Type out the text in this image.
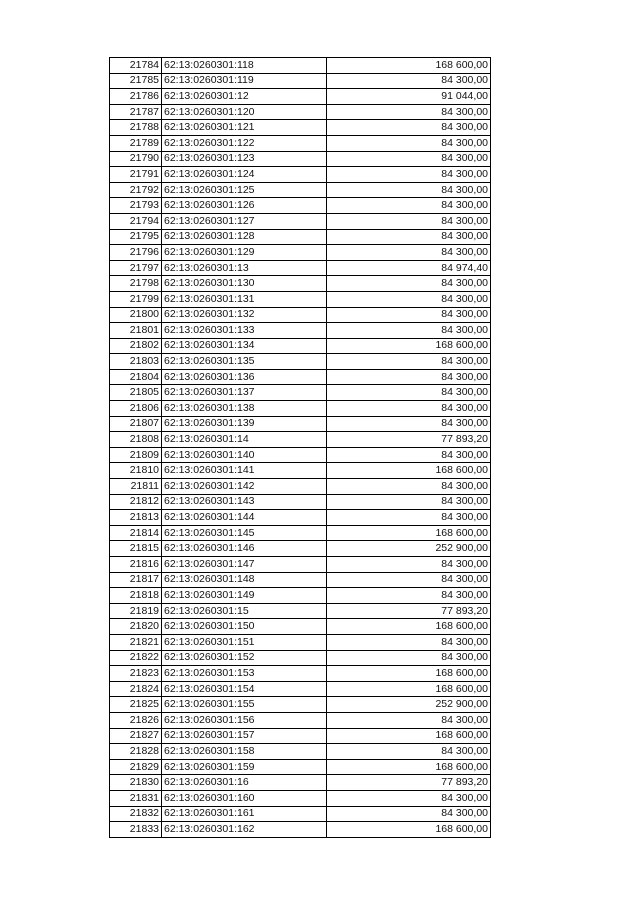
21784	62:13:0260301:118	168 600,00
21785	62:13:0260301:119	84 300,00
21786	62:13:0260301:12	91 044,00
21787	62:13:0260301:120	84 300,00
21788	62:13:0260301:121	84 300,00
21789	62:13:0260301:122	84 300,00
21790	62:13:0260301:123	84 300,00
21791	62:13:0260301:124	84 300,00
21792	62:13:0260301:125	84 300,00
21793	62:13:0260301:126	84 300,00
21794	62:13:0260301:127	84 300,00
21795	62:13:0260301:128	84 300,00
21796	62:13:0260301:129	84 300,00
21797	62:13:0260301:13	84 974,40
21798	62:13:0260301:130	84 300,00
21799	62:13:0260301:131	84 300,00
21800	62:13:0260301:132	84 300,00
21801	62:13:0260301:133	84 300,00
21802	62:13:0260301:134	168 600,00
21803	62:13:0260301:135	84 300,00
21804	62:13:0260301:136	84 300,00
21805	62:13:0260301:137	84 300,00
21806	62:13:0260301:138	84 300,00
21807	62:13:0260301:139	84 300,00
21808	62:13:0260301:14	77 893,20
21809	62:13:0260301:140	84 300,00
21810	62:13:0260301:141	168 600,00
21811	62:13:0260301:142	84 300,00
21812	62:13:0260301:143	84 300,00
21813	62:13:0260301:144	84 300,00
21814	62:13:0260301:145	168 600,00
21815	62:13:0260301:146	252 900,00
21816	62:13:0260301:147	84 300,00
21817	62:13:0260301:148	84 300,00
21818	62:13:0260301:149	84 300,00
21819	62:13:0260301:15	77 893,20
21820	62:13:0260301:150	168 600,00
21821	62:13:0260301:151	84 300,00
21822	62:13:0260301:152	84 300,00
21823	62:13:0260301:153	168 600,00
21824	62:13:0260301:154	168 600,00
21825	62:13:0260301:155	252 900,00
21826	62:13:0260301:156	84 300,00
21827	62:13:0260301:157	168 600,00
21828	62:13:0260301:158	84 300,00
21829	62:13:0260301:159	168 600,00
21830	62:13:0260301:16	77 893,20
21831	62:13:0260301:160	84 300,00
21832	62:13:0260301:161	84 300,00
21833	62:13:0260301:162	168 600,00
